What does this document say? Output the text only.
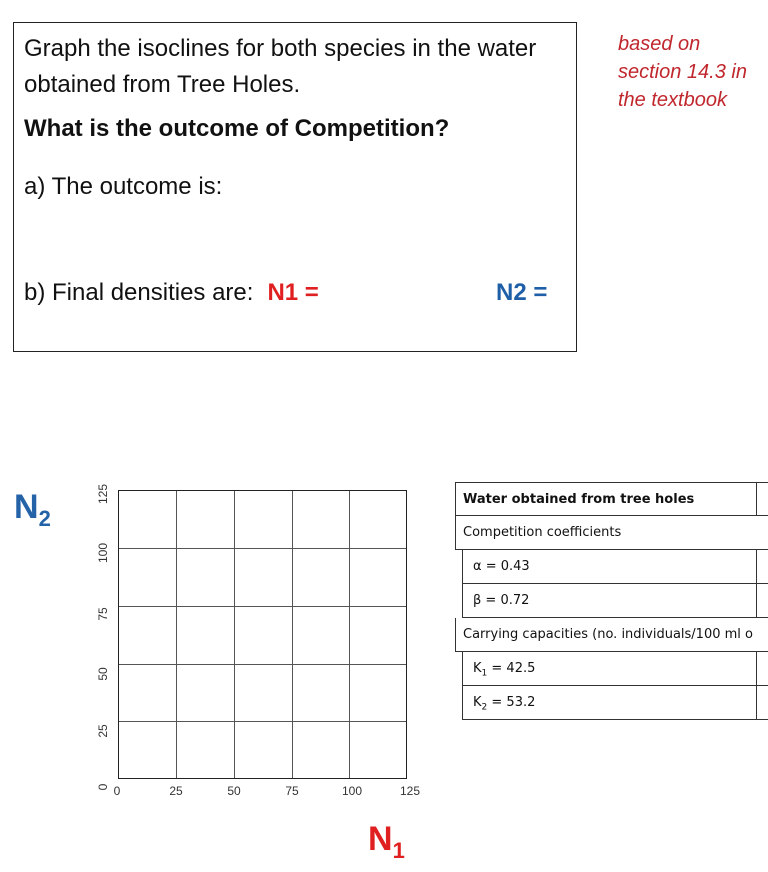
Graph the isoclines for both species in the water obtained from Tree Holes.
What is the outcome of Competition?
a) The outcome is:
b) Final densities are: N1 =	N2 =
based on section 14.3 in the textbook
$N_2$
$N_1$
0
25
50
75
100
125
0	25	50	75	100	125
Water obtained from tree holes
Competition coefficients
α = 0.43
β = 0.72
Carrying capacities (no. individuals/100 ml o
$K_1 = 42.5$
$K_2 = 53.2$
